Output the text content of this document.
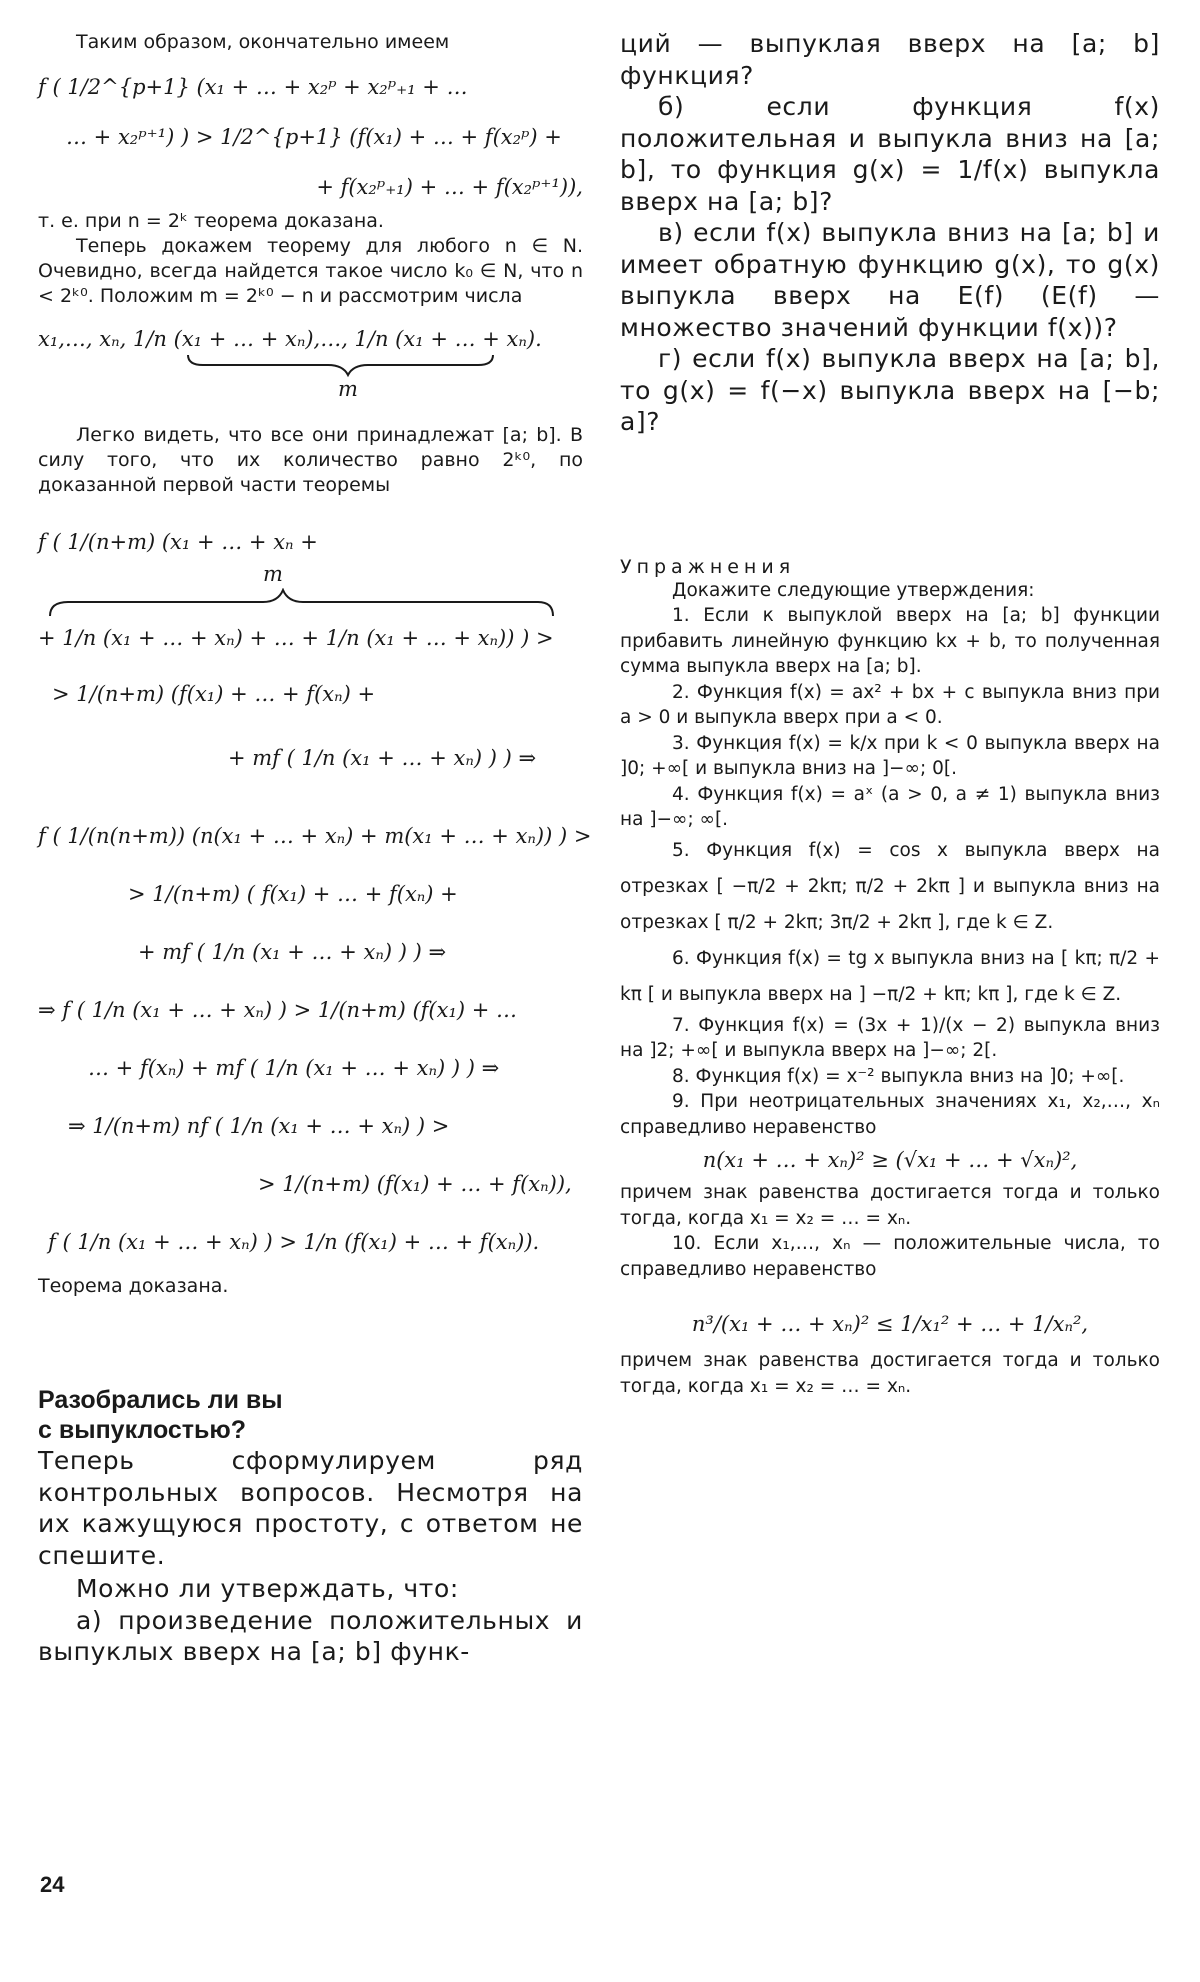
Таким образом, окончательно имеем

f ( 1/2^{p+1} (x₁ + … + x₂ᵖ + x₂ᵖ₊₁ + …

… + x₂ᵖ⁺¹) ) > 1/2^{p+1} (f(x₁) + … + f(x₂ᵖ) +

+ f(x₂ᵖ₊₁) + … + f(x₂ᵖ⁺¹)),

т. е. при n = 2ᵏ теорема доказана.

Теперь докажем теорему для любого n ∈ N. Очевидно, всегда найдется такое число k₀ ∈ N, что n < 2ᵏ⁰. Положим m = 2ᵏ⁰ − n и рассмотрим числа

x₁,…, xₙ, 1/n (x₁ + … + xₙ),…, 1/n (x₁ + … + xₙ).

m

Легко видеть, что все они принадлежат [a; b]. В силу того, что их количество равно 2ᵏ⁰, по доказанной первой части теоремы

f ( 1/(n+m) (x₁ + … + xₙ +

m

+ 1/n (x₁ + … + xₙ) + … + 1/n (x₁ + … + xₙ)) ) >

> 1/(n+m) (f(x₁) + … + f(xₙ) +

+ mf ( 1/n (x₁ + … + xₙ) ) ) ⇒

f ( 1/(n(n+m)) (n(x₁ + … + xₙ) + m(x₁ + … + xₙ)) ) >

> 1/(n+m) ( f(x₁) + … + f(xₙ) +

+ mf ( 1/n (x₁ + … + xₙ) ) ) ⇒

⇒ f ( 1/n (x₁ + … + xₙ) ) > 1/(n+m) (f(x₁) + …

… + f(xₙ) + mf ( 1/n (x₁ + … + xₙ) ) ) ⇒

⇒ 1/(n+m) nf ( 1/n (x₁ + … + xₙ) ) >

> 1/(n+m) (f(x₁) + … + f(xₙ)),

f ( 1/n (x₁ + … + xₙ) ) > 1/n (f(x₁) + … + f(xₙ)).

Теорема доказана.

Разобрались ли вы

с выпуклостью?

Теперь сформулируем ряд контрольных вопросов. Несмотря на их кажущуюся простоту, с ответом не спешите.

Можно ли утверждать, что:

а) произведение положительных и выпуклых вверх на [a; b] функ-

ций — выпуклая вверх на [a; b] функция?

б) если функция f(x) положительная и выпукла вниз на [a; b], то функция g(x) = 1/f(x) выпукла вверх на [a; b]?

в) если f(x) выпукла вниз на [a; b] и имеет обратную функцию g(x), то g(x) выпукла вверх на E(f) (E(f) — множество значений функции f(x))?

г) если f(x) выпукла вверх на [a; b], то g(x) = f(−x) выпукла вверх на [−b; a]?

Упражнения

Докажите следующие утверждения:

1. Если к выпуклой вверх на [a; b] функции прибавить линейную функцию kx + b, то полученная сумма выпукла вверх на [a; b].

2. Функция f(x) = ax² + bx + c выпукла вниз при a > 0 и выпукла вверх при a < 0.

3. Функция f(x) = k/x при k < 0 выпукла вверх на ]0; +∞[ и выпукла вниз на ]−∞; 0[.

4. Функция f(x) = aˣ (a > 0, a ≠ 1) выпукла вниз на ]−∞; ∞[.

5. Функция f(x) = cos x выпукла вверх на отрезках [ −π/2 + 2kπ; π/2 + 2kπ ] и выпукла вниз на отрезках [ π/2 + 2kπ; 3π/2 + 2kπ ], где k ∈ Z.

6. Функция f(x) = tg x выпукла вниз на [ kπ; π/2 + kπ [ и выпукла вверх на ] −π/2 + kπ; kπ ], где k ∈ Z.

7. Функция f(x) = (3x + 1)/(x − 2) выпукла вниз на ]2; +∞[ и выпукла вверх на ]−∞; 2[.

8. Функция f(x) = x⁻² выпукла вниз на ]0; +∞[.

9. При неотрицательных значениях x₁, x₂,…, xₙ справедливо неравенство

n(x₁ + … + xₙ)² ≥ (√x₁ + … + √xₙ)²,

причем знак равенства достигается тогда и только тогда, когда x₁ = x₂ = … = xₙ.

10. Если x₁,…, xₙ — положительные числа, то справедливо неравенство

n³/(x₁ + … + xₙ)² ≤ 1/x₁² + … + 1/xₙ²,

причем знак равенства достигается тогда и только тогда, когда x₁ = x₂ = … = xₙ.

24
